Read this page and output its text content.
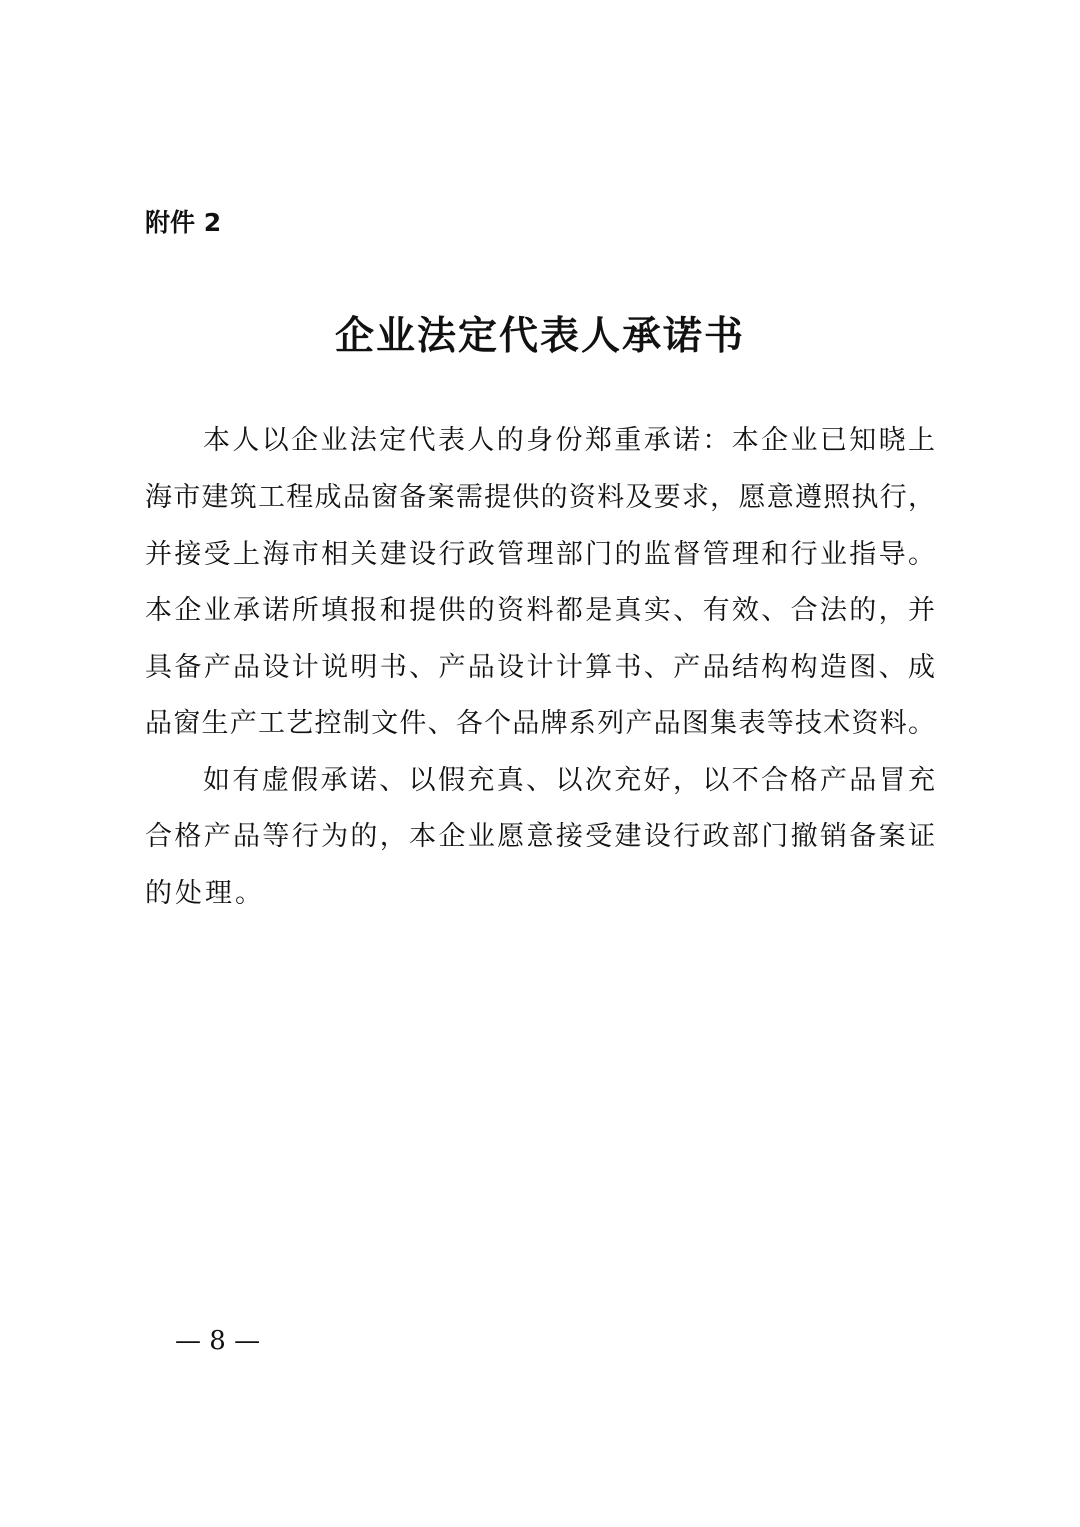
附件 2
企业法定代表人承诺书
本人以企业法定代表人的身份郑重承诺：本企业已知晓上
海市建筑工程成品窗备案需提供的资料及要求，愿意遵照执行，
并接受上海市相关建设行政管理部门的监督管理和行业指导。
本企业承诺所填报和提供的资料都是真实、有效、合法的，并
具备产品设计说明书、产品设计计算书、产品结构构造图、成
品窗生产工艺控制文件、各个品牌系列产品图集表等技术资料。
如有虚假承诺、以假充真、以次充好，以不合格产品冒充
合格产品等行为的，本企业愿意接受建设行政部门撤销备案证
的处理。
— 8 —
